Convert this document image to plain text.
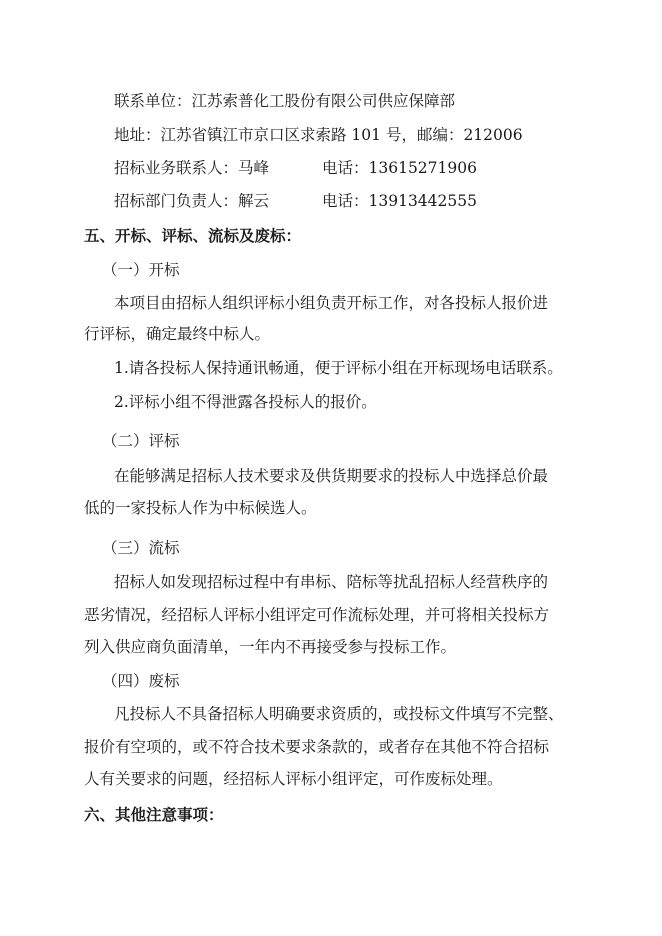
联系单位：江苏索普化工股份有限公司供应保障部
地址：江苏省镇江市京口区求索路 101 号，邮编：212006
招标业务联系人：马峰	电话：13615271906
招标部门负责人：解云	电话：13913442555
五、开标、评标、流标及废标：
（一）开标
本项目由招标人组织评标小组负责开标工作，对各投标人报价进
行评标，确定最终中标人。
1.请各投标人保持通讯畅通，便于评标小组在开标现场电话联系。
2.评标小组不得泄露各投标人的报价。
（二）评标
在能够满足招标人技术要求及供货期要求的投标人中选择总价最
低的一家投标人作为中标候选人。
（三）流标
招标人如发现招标过程中有串标、陪标等扰乱招标人经营秩序的
恶劣情况，经招标人评标小组评定可作流标处理，并可将相关投标方
列入供应商负面清单，一年内不再接受参与投标工作。
（四）废标
凡投标人不具备招标人明确要求资质的，或投标文件填写不完整、
报价有空项的，或不符合技术要求条款的，或者存在其他不符合招标
人有关要求的问题，经招标人评标小组评定，可作废标处理。
六、其他注意事项：
